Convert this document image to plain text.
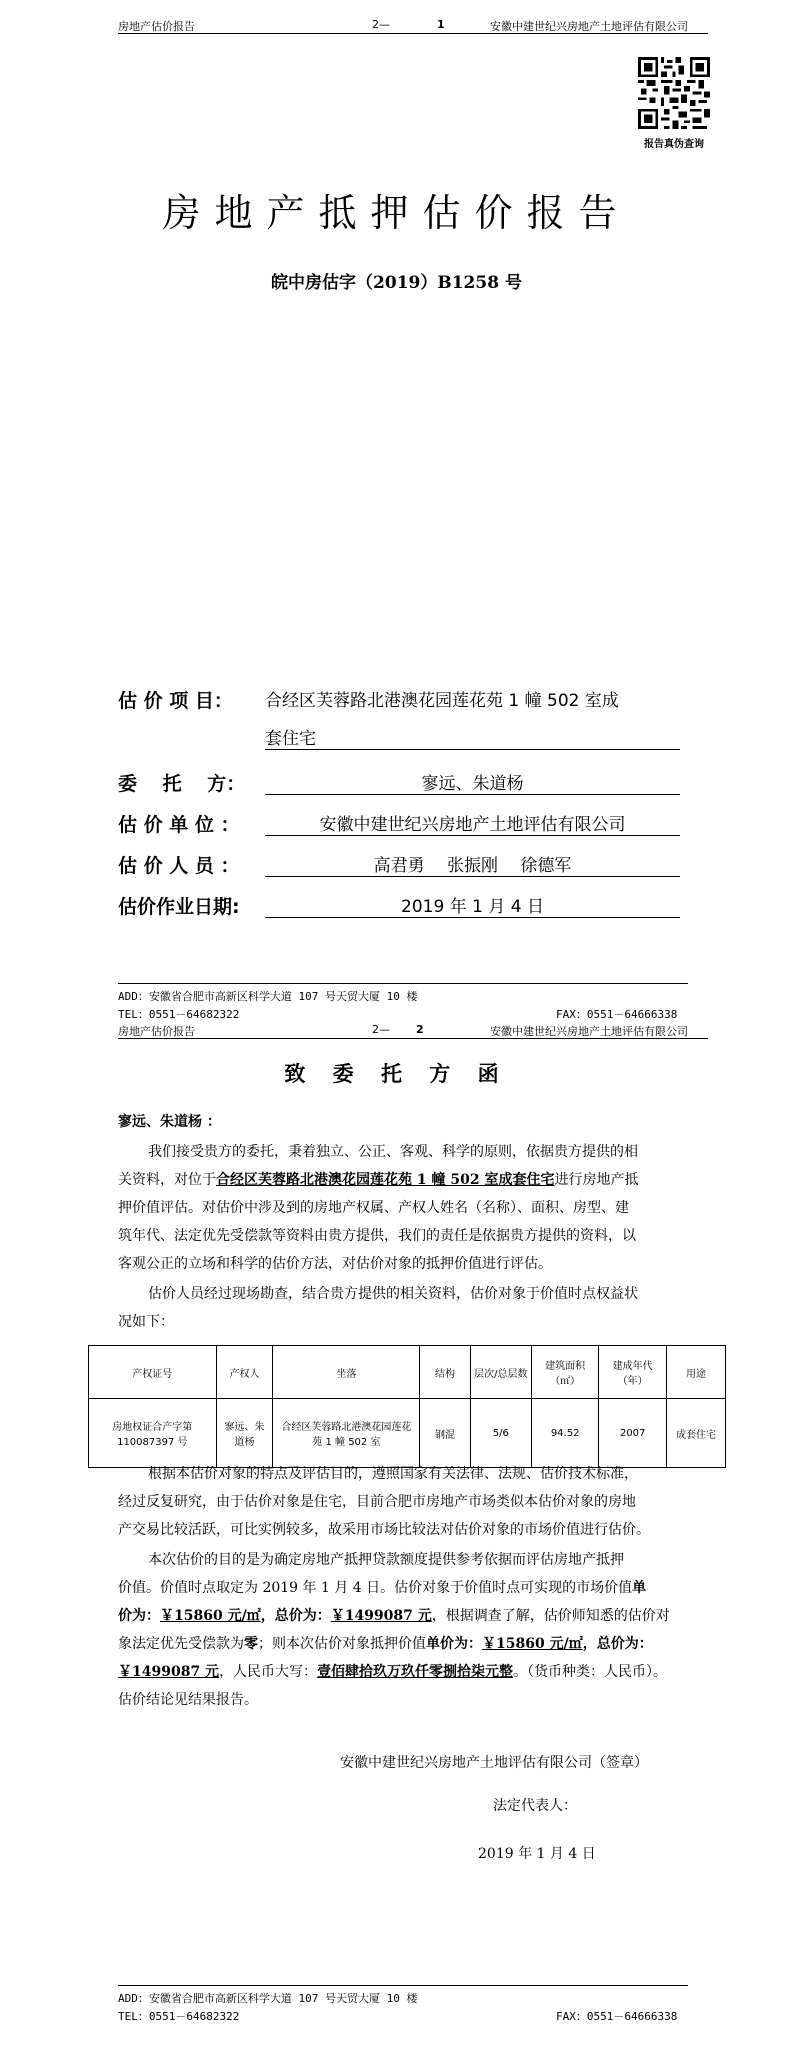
房地产估价报告	2—	1	安徽中建世纪兴房地产土地评估有限公司
报告真伪查询
房地产抵押估价报告
皖中房估字（2019）B1258 号
估 价 项 目： 合经区芙蓉路北港澳花园莲花苑 1 幢 502 室成
套住宅
委　 托　 方：	寥远、朱道杨
估 价 单 位 ：	安徽中建世纪兴房地产土地评估有限公司
估 价 人 员 ：	高君勇　 张振刚　 徐德军
估价作业日期:	2019 年 1 月 4 日
ADD：安徽省合肥市高新区科学大道 107 号天贸大厦 10 楼
TEL：0551－64682322	FAX：0551－64666338
房地产估价报告	2— 2	安徽中建世纪兴房地产土地评估有限公司
致 委 托 方 函
寥远、朱道杨 ：
我们接受贵方的委托，秉着独立、公正、客观、科学的原则，依据贵方提供的相
关资料，对位于合经区芙蓉路北港澳花园莲花苑 1 幢 502 室成套住宅进行房地产抵
押价值评估。对估价中涉及到的房地产权属、产权人姓名（名称）、面积、房型、建
筑年代、法定优先受偿款等资料由贵方提供，我们的责任是依据贵方提供的资料，以
客观公正的立场和科学的估价方法，对估价对象的抵押价值进行评估。
估价人员经过现场勘查，结合贵方提供的相关资料，估价对象于价值时点权益状
况如下：
产权证号	产权人	坐落	结构	层次/总层数	建筑面积（㎡）	建成年代（年）	用途
房地权证合产字第 110087397 号	寥远、朱道杨	合经区芙蓉路北港澳花园莲花苑 1 幢 502 室	钢混	5/6	94.52	2007	成套住宅
根据本估价对象的特点及评估目的，遵照国家有关法律、法规、估价技术标准，
经过反复研究，由于估价对象是住宅，目前合肥市房地产市场类似本估价对象的房地
产交易比较活跃，可比实例较多，故采用市场比较法对估价对象的市场价值进行估价。
本次估价的目的是为确定房地产抵押贷款额度提供参考依据而评估房地产抵押
价值。价值时点取定为 2019 年 1 月 4 日。估价对象于价值时点可实现的市场价值单
价为：￥15860 元/㎡，总价为：￥1499087 元，根据调查了解，估价师知悉的估价对
象法定优先受偿款为零；则本次估价对象抵押价值单价为：￥15860 元/㎡，总价为：
￥1499087 元，人民币大写：壹佰肆拾玖万玖仟零捌拾柒元整。（货币种类：人民币）。
估价结论见结果报告。
安徽中建世纪兴房地产土地评估有限公司（签章）
法定代表人：
2019 年 1 月 4 日
ADD：安徽省合肥市高新区科学大道 107 号天贸大厦 10 楼
TEL：0551－64682322	FAX：0551－64666338
